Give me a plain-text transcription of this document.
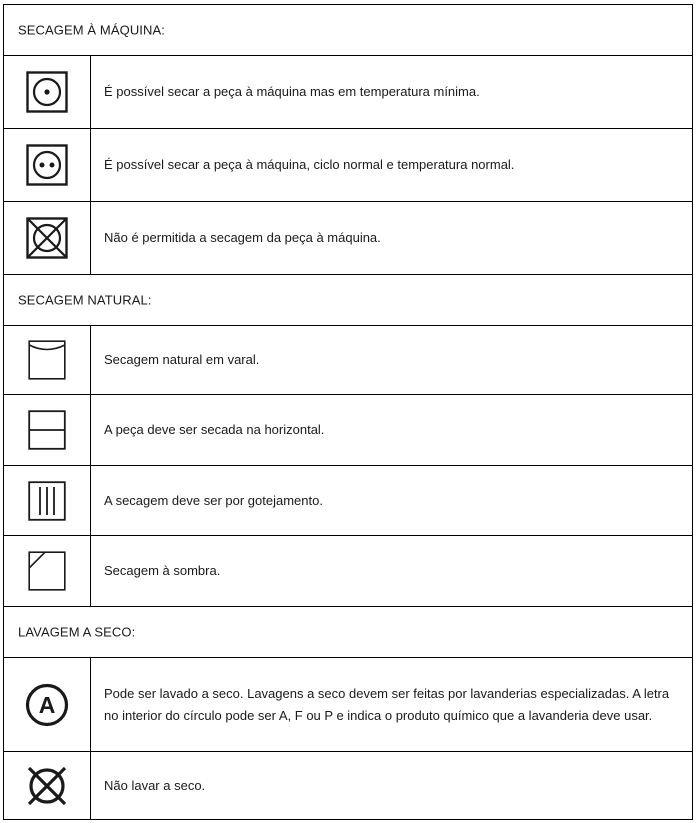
SECAGEM À MÁQUINA:
É possível secar a peça à máquina mas em temperatura mínima.
É possível secar a peça à máquina, ciclo normal e temperatura normal.
Não é permitida a secagem da peça à máquina.
SECAGEM NATURAL:
Secagem natural em varal.
A peça deve ser secada na horizontal.
A secagem deve ser por gotejamento.
Secagem à sombra.
LAVAGEM A SECO:
A	Pode ser lavado a seco. Lavagens a seco devem ser feitas por lavanderias especializadas. A letra no interior do círculo pode ser A, F ou P e indica o produto químico que a lavanderia deve usar.
Não lavar a seco.
